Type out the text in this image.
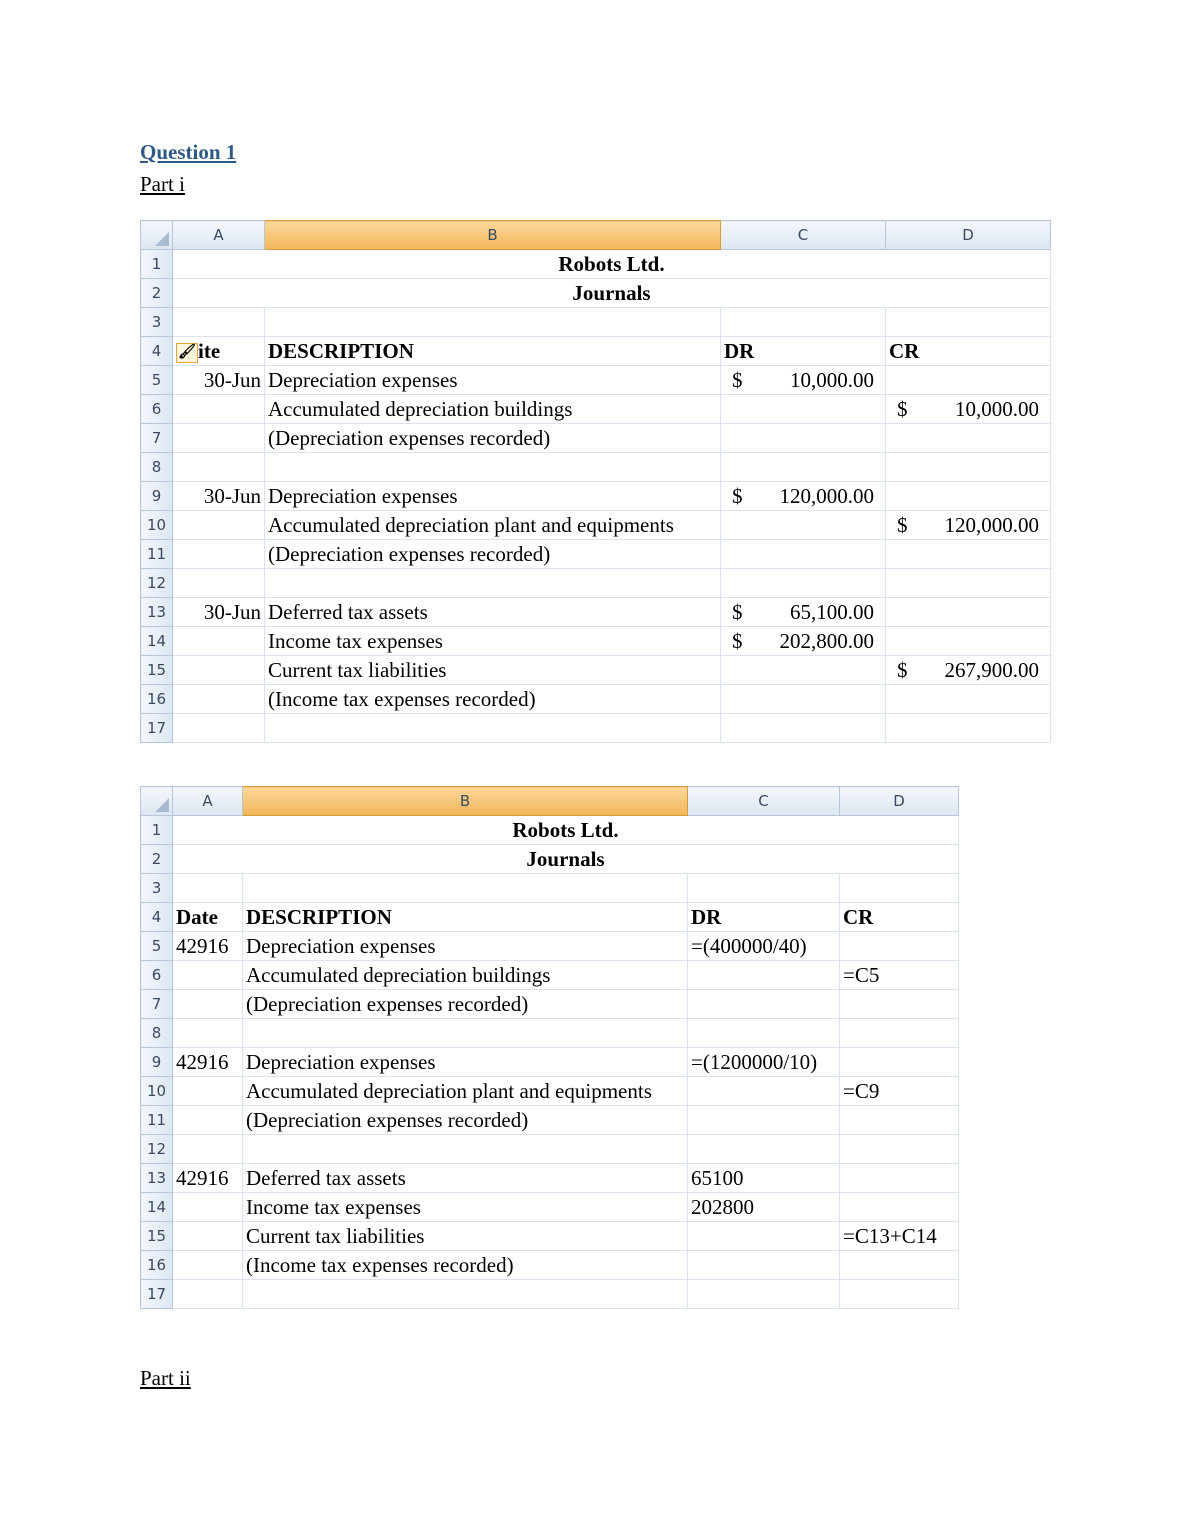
Question 1
Part i
	A	B	C	D
1	Robots Ltd.			
2	Journals			
3				
4	🖌 ite	DESCRIPTION	DR	CR
5	30-Jun	Depreciation expenses	$ 10,000.00	

6		Accumulated depreciation buildings		$ 10,000.00

7		(Depreciation expenses recorded)	

8			

9	30-Jun	Depreciation expenses	$ 120,000.00	

10		Accumulated depreciation plant and equipments		$ 120,000.00

11		(Depreciation expenses recorded)	

12			

13	30-Jun	Deferred tax assets	$ 65,100.00	

14		Income tax expenses	$ 202,800.00	

15		Current tax liabilities		$ 267,900.00

16		(Income tax expenses recorded)	

17			

	A	B	C	D
1	Robots Ltd.			
2	Journals			
3				
4	Date	DESCRIPTION	DR	CR
5	42916	Depreciation expenses	=(400000/40)	
6		Accumulated depreciation buildings		=C5
7		(Depreciation expenses recorded)		
8				
9	42916	Depreciation expenses	=(1200000/10)	
10		Accumulated depreciation plant and equipments		=C9
11		(Depreciation expenses recorded)		
12				
13	42916	Deferred tax assets	65100	
14		Income tax expenses	202800	
15		Current tax liabilities		=C13+C14
16		(Income tax expenses recorded)		
17				
Part ii
